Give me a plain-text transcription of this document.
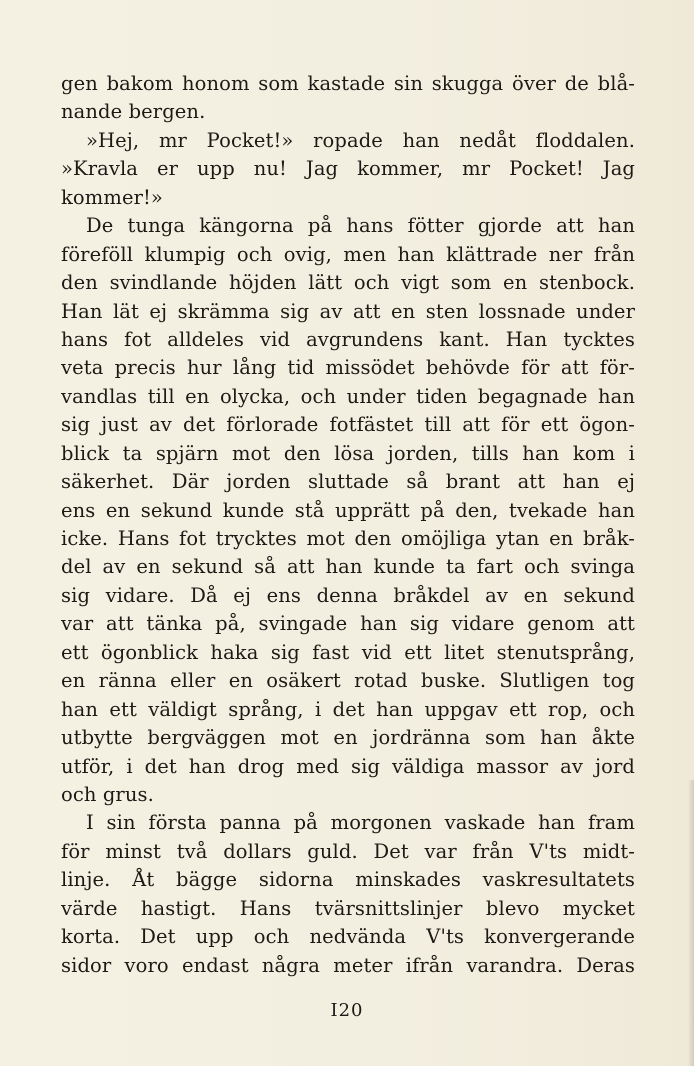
gen bakom honom som kastade sin skugga över de blå-
nande bergen.
»Hej, mr Pocket!» ropade han nedåt floddalen.
»Kravla er upp nu! Jag kommer, mr Pocket! Jag
kommer!»
De tunga kängorna på hans fötter gjorde att han
föreföll klumpig och ovig, men han klättrade ner från
den svindlande höjden lätt och vigt som en stenbock.
Han lät ej skrämma sig av att en sten lossnade under
hans fot alldeles vid avgrundens kant. Han tycktes
veta precis hur lång tid missödet behövde för att för-
vandlas till en olycka, och under tiden begagnade han
sig just av det förlorade fotfästet till att för ett ögon-
blick ta spjärn mot den lösa jorden, tills han kom i
säkerhet. Där jorden sluttade så brant att han ej
ens en sekund kunde stå upprätt på den, tvekade han
icke. Hans fot trycktes mot den omöjliga ytan en bråk-
del av en sekund så att han kunde ta fart och svinga
sig vidare. Då ej ens denna bråkdel av en sekund
var att tänka på, svingade han sig vidare genom att
ett ögonblick haka sig fast vid ett litet stenutsprång,
en ränna eller en osäkert rotad buske. Slutligen tog
han ett väldigt språng, i det han uppgav ett rop, och
utbytte bergväggen mot en jordränna som han åkte
utför, i det han drog med sig väldiga massor av jord
och grus.
I sin första panna på morgonen vaskade han fram
för minst två dollars guld. Det var från V'ts midt-
linje. Åt bägge sidorna minskades vaskresultatets
värde hastigt. Hans tvärsnittslinjer blevo mycket
korta. Det upp och nedvända V'ts konvergerande
sidor voro endast några meter ifrån varandra. Deras
I20
